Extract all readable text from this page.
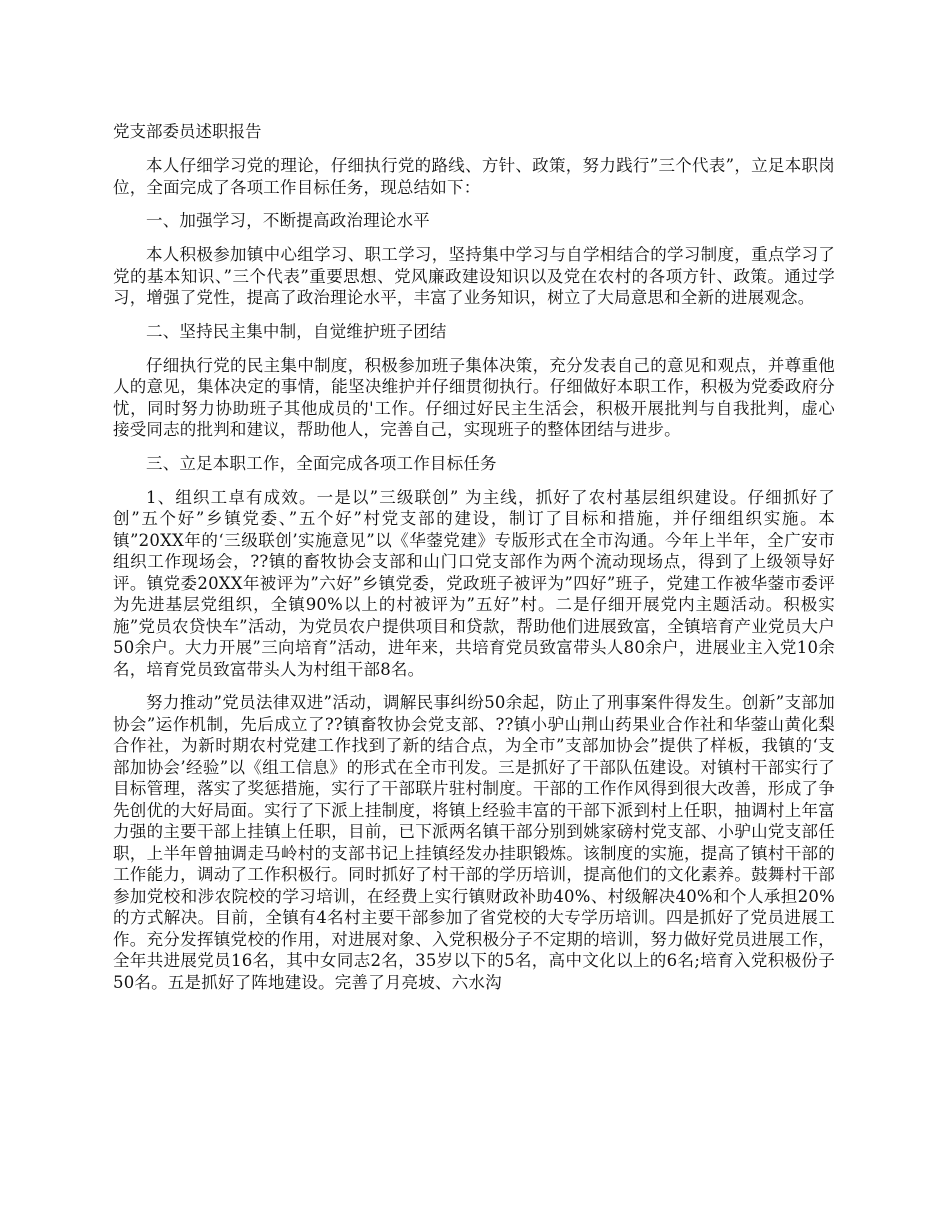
党支部委员述职报告

本人仔细学习党的理论，仔细执行党的路线、方针、政策，努力践行”三个代表”，立足本职岗位，全面完成了各项工作目标任务，现总结如下：

一、加强学习，不断提高政治理论水平

本人积极参加镇中心组学习、职工学习，坚持集中学习与自学相结合的学习制度，重点学习了党的基本知识、”三个代表”重要思想、党风廉政建设知识以及党在农村的各项方针、政策。通过学习，增强了党性，提高了政治理论水平，丰富了业务知识，树立了大局意思和全新的进展观念。

二、坚持民主集中制，自觉维护班子团结

仔细执行党的民主集中制度，积极参加班子集体决策，充分发表自己的意见和观点，并尊重他人的意见，集体决定的事情，能坚决维护并仔细贯彻执行。仔细做好本职工作，积极为党委政府分忧，同时努力协助班子其他成员的'工作。仔细过好民主生活会，积极开展批判与自我批判，虚心接受同志的批判和建议，帮助他人，完善自己，实现班子的整体团结与进步。

三、立足本职工作，全面完成各项工作目标任务

1、组织工卓有成效。一是以”三级联创” 为主线，抓好了农村基层组织建设。仔细抓好了创”五个好”乡镇党委、”五个好”村党支部的建设，制订了目标和措施，并仔细组织实施。本镇”20XX年的‘三级联创’实施意见”以《华蓥党建》专版形式在全市沟通。今年上半年，全广安市组织工作现场会，??镇的畜牧协会支部和山门口党支部作为两个流动现场点，得到了上级领导好评。镇党委20XX年被评为”六好”乡镇党委，党政班子被评为”四好”班子，党建工作被华蓥市委评为先进基层党组织，全镇90%以上的村被评为”五好”村。二是仔细开展党内主题活动。积极实施”党员农贷快车”活动，为党员农户提供项目和贷款，帮助他们进展致富，全镇培育产业党员大户50余户。大力开展”三向培育”活动，进年来，共培育党员致富带头人80余户，进展业主入党10余名，培育党员致富带头人为村组干部8名。

努力推动”党员法律双进”活动，调解民事纠纷50余起，防止了刑事案件得发生。创新”支部加协会”运作机制，先后成立了??镇畜牧协会党支部、??镇小驴山荆山药果业合作社和华蓥山黄化梨合作社，为新时期农村党建工作找到了新的结合点，为全市”支部加协会”提供了样板，我镇的‘支部加协会’经验”以《组工信息》的形式在全市刊发。三是抓好了干部队伍建设。对镇村干部实行了目标管理，落实了奖惩措施，实行了干部联片驻村制度。干部的工作作风得到很大改善，形成了争先创优的大好局面。实行了下派上挂制度，将镇上经验丰富的干部下派到村上任职，抽调村上年富力强的主要干部上挂镇上任职，目前，已下派两名镇干部分别到姚家磅村党支部、小驴山党支部任职，上半年曾抽调走马岭村的支部书记上挂镇经发办挂职锻炼。该制度的实施，提高了镇村干部的工作能力，调动了工作积极行。同时抓好了村干部的学历培训，提高他们的文化素养。鼓舞村干部参加党校和涉农院校的学习培训，在经费上实行镇财政补助40%、村级解决40%和个人承担20%的方式解决。目前，全镇有4名村主要干部参加了省党校的大专学历培训。四是抓好了党员进展工作。充分发挥镇党校的作用，对进展对象、入党积极分子不定期的培训，努力做好党员进展工作，全年共进展党员16名，其中女同志2名，35岁以下的5名，高中文化以上的6名;培育入党积极份子50名。五是抓好了阵地建设。完善了月亮坡、六水沟
